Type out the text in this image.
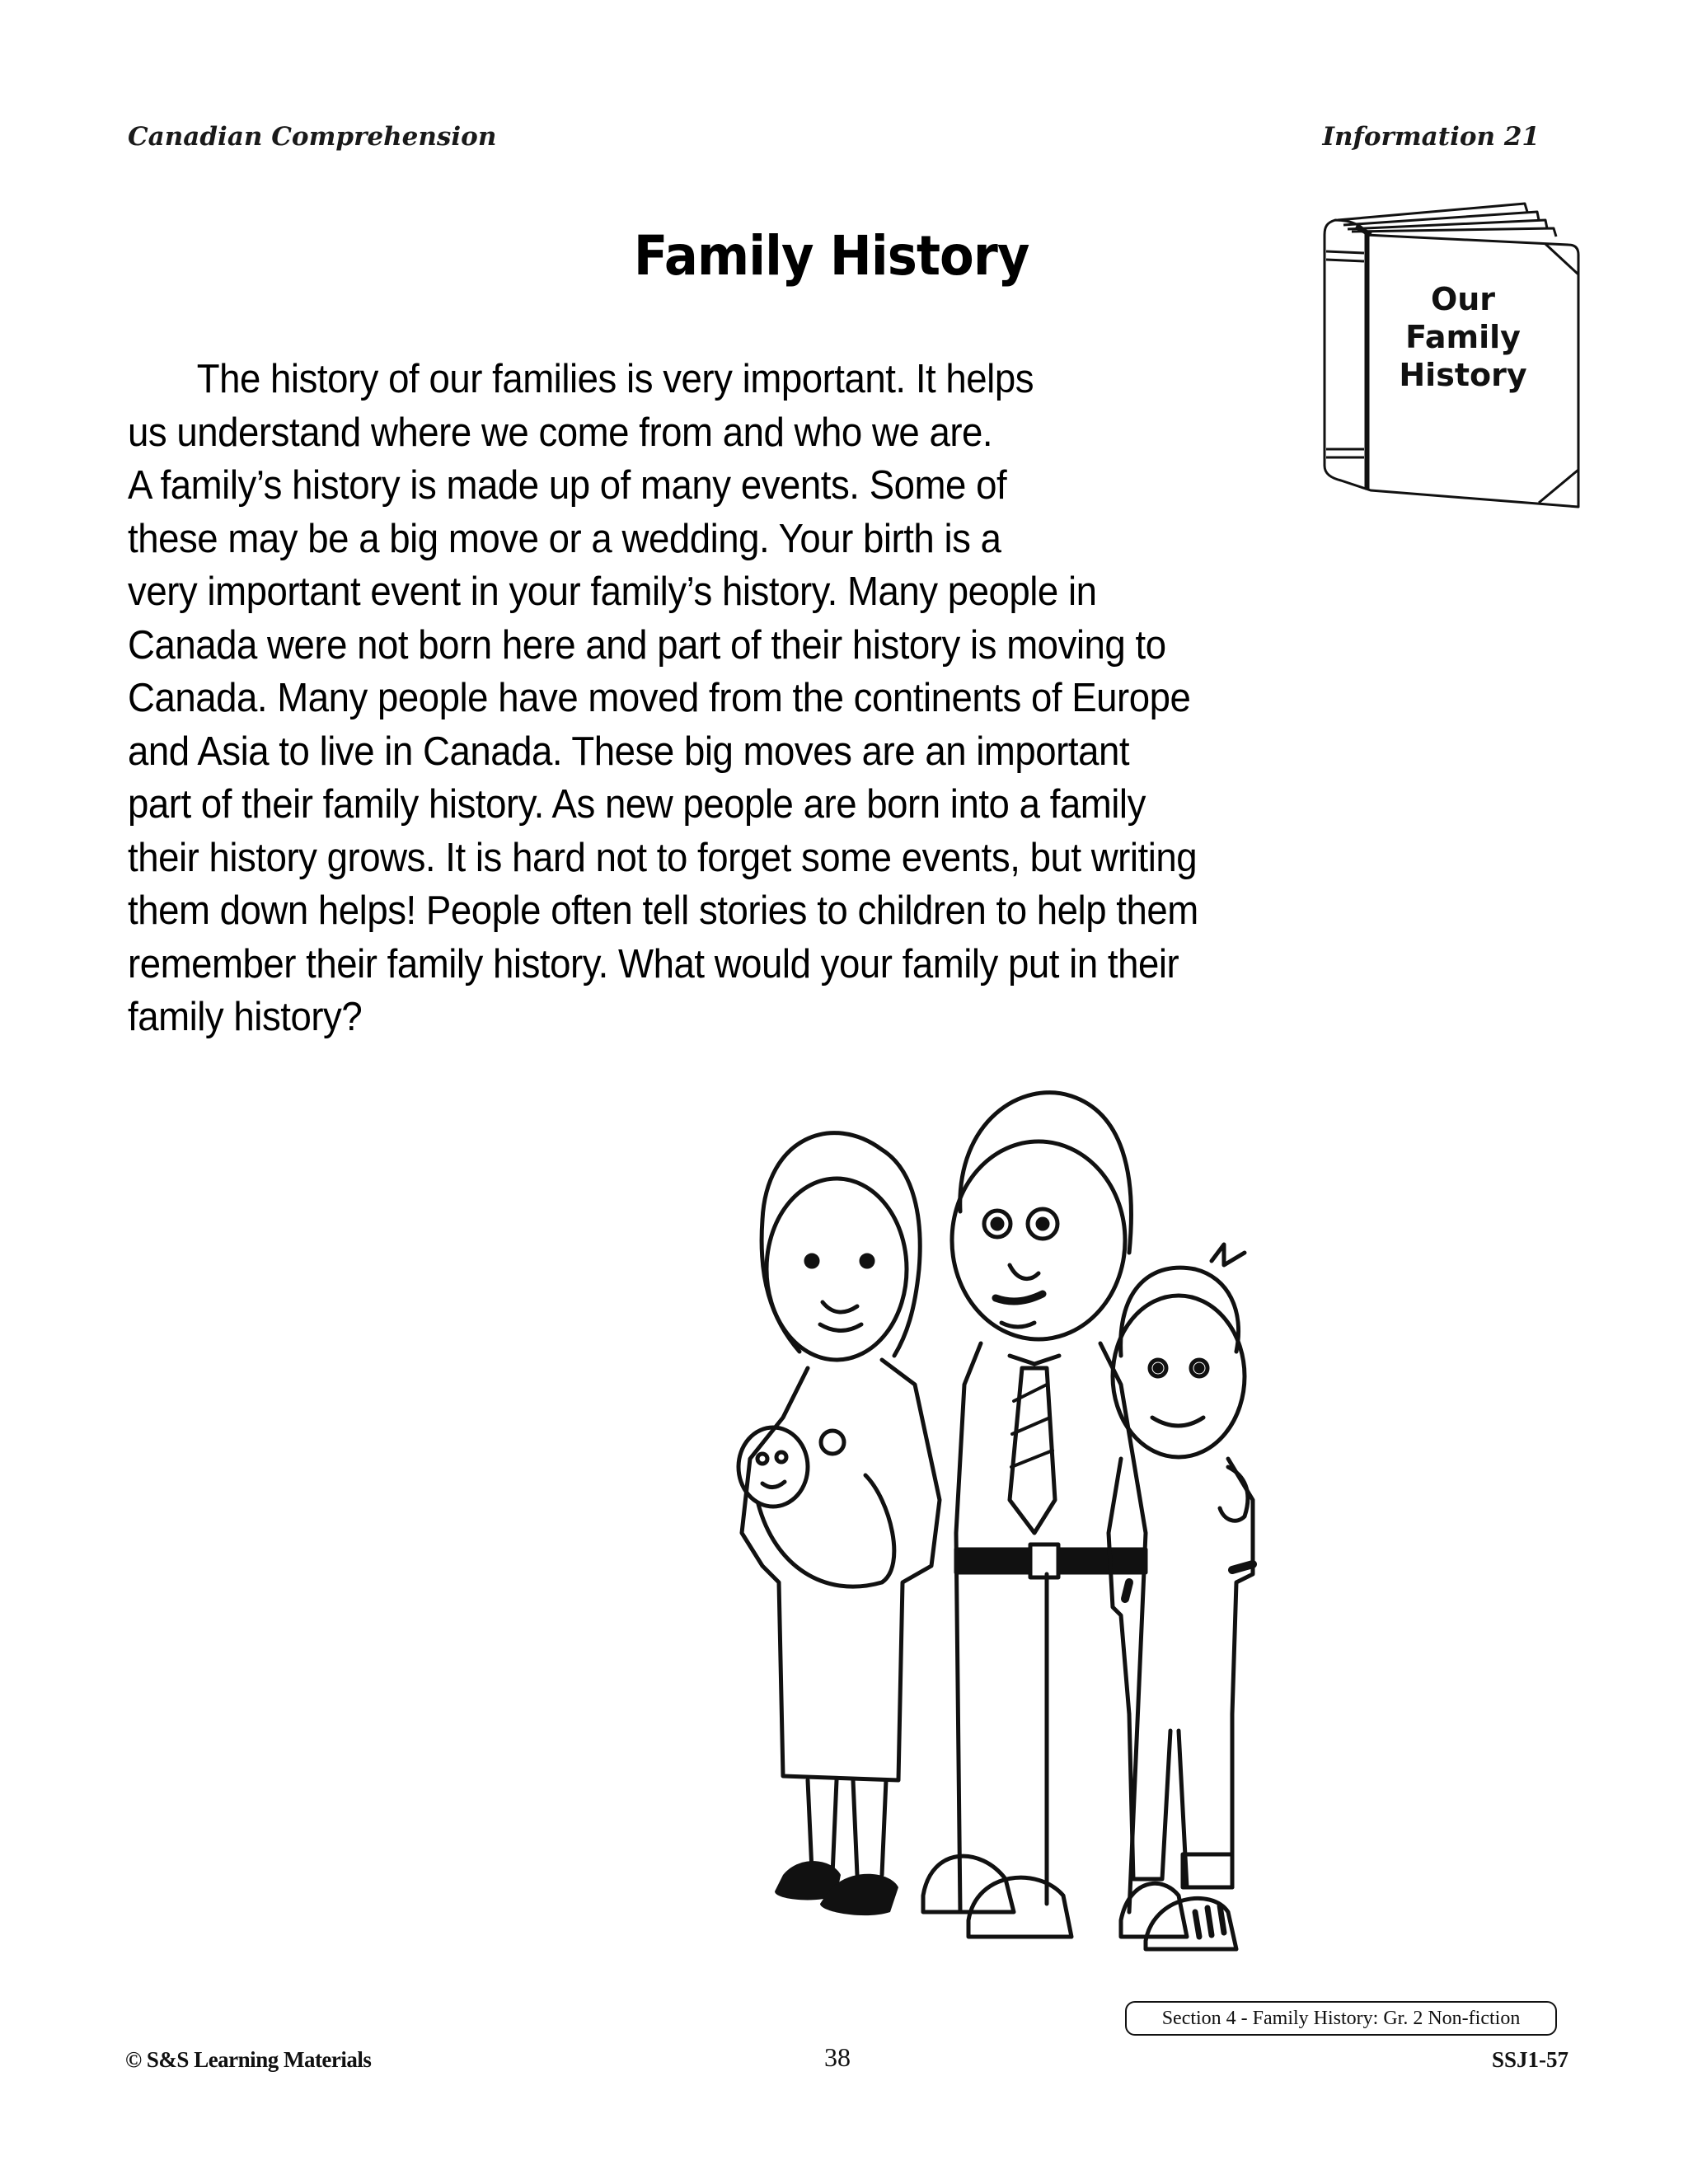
Canadian Comprehension	Information 21
Family History
Our
Family
History
The history of our families is very important. It helps
us understand where we come from and who we are.
A family’s history is made up of many events. Some of
these may be a big move or a wedding. Your birth is a
very important event in your family’s history. Many people in
Canada were not born here and part of their history is moving to
Canada. Many people have moved from the continents of Europe
and Asia to live in Canada. These big moves are an important
part of their family history. As new people are born into a family
their history grows. It is hard not to forget some events, but writing
them down helps! People often tell stories to children to help them
remember their family history. What would your family put in their
family history?
Section 4 - Family History: Gr. 2 Non-fiction
© S&S Learning Materials	38	SSJ1-57
